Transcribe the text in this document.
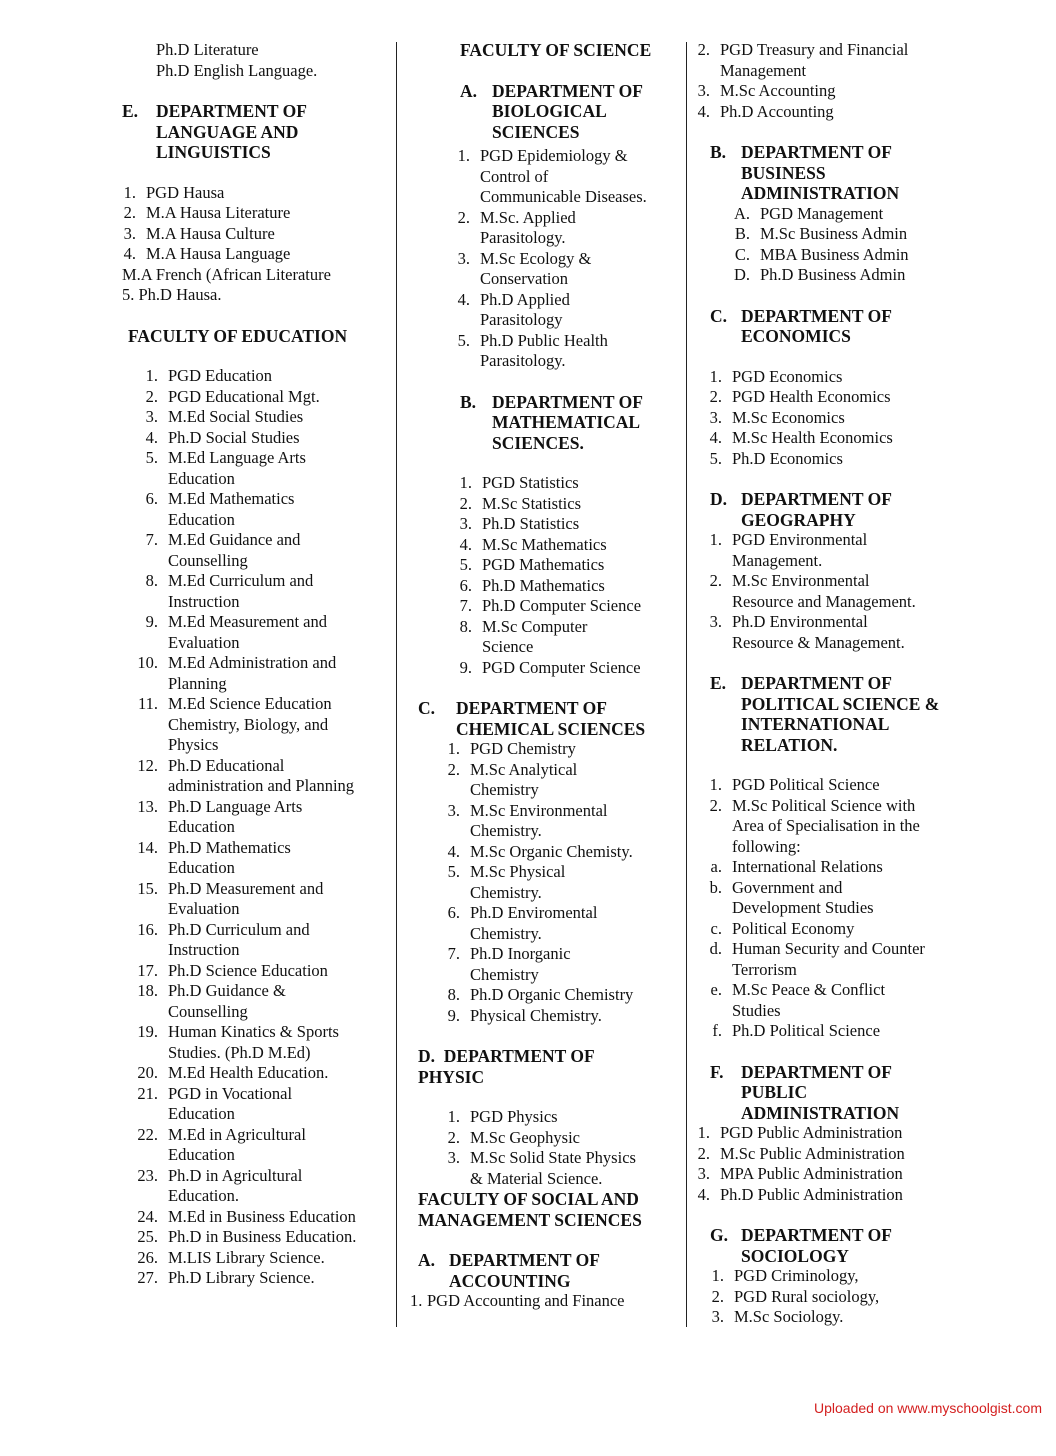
Ph.D Literature
Ph.D English Language.
E.	DEPARTMENT OF
LANGUAGE AND
LINGUISTICS
1. PGD Hausa
2. M.A Hausa Literature
3. M.A Hausa Culture
4. M.A Hausa Language
M.A French (African Literature
5. Ph.D Hausa.
FACULTY OF EDUCATION
1. PGD Education
2. PGD Educational Mgt.
3. M.Ed Social Studies
4. Ph.D Social Studies
5. M.Ed Language Arts
Education
6. M.Ed Mathematics
Education
7. M.Ed Guidance and
Counselling
8. M.Ed Curriculum and
Instruction
9. M.Ed Measurement and
Evaluation
10. M.Ed Administration and
Planning
11. M.Ed Science Education
Chemistry, Biology, and
Physics
12. Ph.D Educational
administration and Planning
13. Ph.D Language Arts
Education
14. Ph.D Mathematics
Education
15. Ph.D Measurement and
Evaluation
16. Ph.D Curriculum and
Instruction
17. Ph.D Science Education
18. Ph.D Guidance &
Counselling
19. Human Kinatics & Sports
Studies. (Ph.D M.Ed)
20. M.Ed Health Education.
21. PGD in Vocational
Education
22. M.Ed in Agricultural
Education
23. Ph.D in Agricultural
Education.
24. M.Ed in Business Education
25. Ph.D in Business Education.
26. M.LIS Library Science.
27. Ph.D Library Science.
FACULTY OF SCIENCE
A. DEPARTMENT OF
BIOLOGICAL
SCIENCES
1. PGD Epidemiology &
Control of
Communicable Diseases.
2. M.Sc. Applied
Parasitology.
3. M.Sc Ecology &
Conservation
4. Ph.D Applied
Parasitology
5. Ph.D Public Health
Parasitology.
B. DEPARTMENT OF
MATHEMATICAL
SCIENCES.
1. PGD Statistics
2. M.Sc Statistics
3. Ph.D Statistics
4. M.Sc Mathematics
5. PGD Mathematics
6. Ph.D Mathematics
7. Ph.D Computer Science
8. M.Sc Computer
Science
9. PGD Computer Science
C.	DEPARTMENT OF
CHEMICAL SCIENCES
1. PGD Chemistry
2. M.Sc Analytical
Chemistry
3. M.Sc Environmental
Chemistry.
4. M.Sc Organic Chemisty.
5. M.Sc Physical
Chemistry.
6. Ph.D Enviromental
Chemistry.
7. Ph.D Inorganic
Chemistry
8. Ph.D Organic Chemistry
9. Physical Chemistry.
D. DEPARTMENT OF
PHYSIC
1. PGD Physics
2. M.Sc Geophysic
3. M.Sc Solid State Physics
& Material Science.
FACULTY OF SOCIAL AND
MANAGEMENT SCIENCES
A. DEPARTMENT OF
ACCOUNTING
1. PGD Accounting and Finance
2. PGD Treasury and Financial
Management
3. M.Sc Accounting
4. Ph.D Accounting
B. DEPARTMENT OF
BUSINESS
ADMINISTRATION
A. PGD Management
B. M.Sc Business Admin
C. MBA Business Admin
D. Ph.D Business Admin
C. DEPARTMENT OF
ECONOMICS
1. PGD Economics
2. PGD Health Economics
3. M.Sc Economics
4. M.Sc Health Economics
5. Ph.D Economics
D. DEPARTMENT OF
GEOGRAPHY
1. PGD Environmental
Management.
2. M.Sc Environmental
Resource and Management.
3. Ph.D Environmental
Resource & Management.
E. DEPARTMENT OF
POLITICAL SCIENCE &
INTERNATIONAL
RELATION.
1. PGD Political Science
2. M.Sc Political Science with
Area of Specialisation in the
following:
a. International Relations
b. Government and
Development Studies
c. Political Economy
d. Human Security and Counter
Terrorism
e. M.Sc Peace & Conflict
Studies
f. Ph.D Political Science
F.	DEPARTMENT OF
PUBLIC
ADMINISTRATION
1. PGD Public Administration
2. M.Sc Public Administration
3. MPA Public Administration
4. Ph.D Public Administration
G. DEPARTMENT OF
SOCIOLOGY
1. PGD Criminology,
2. PGD Rural sociology,
3. M.Sc Sociology.
Uploaded on www.myschoolgist.com
